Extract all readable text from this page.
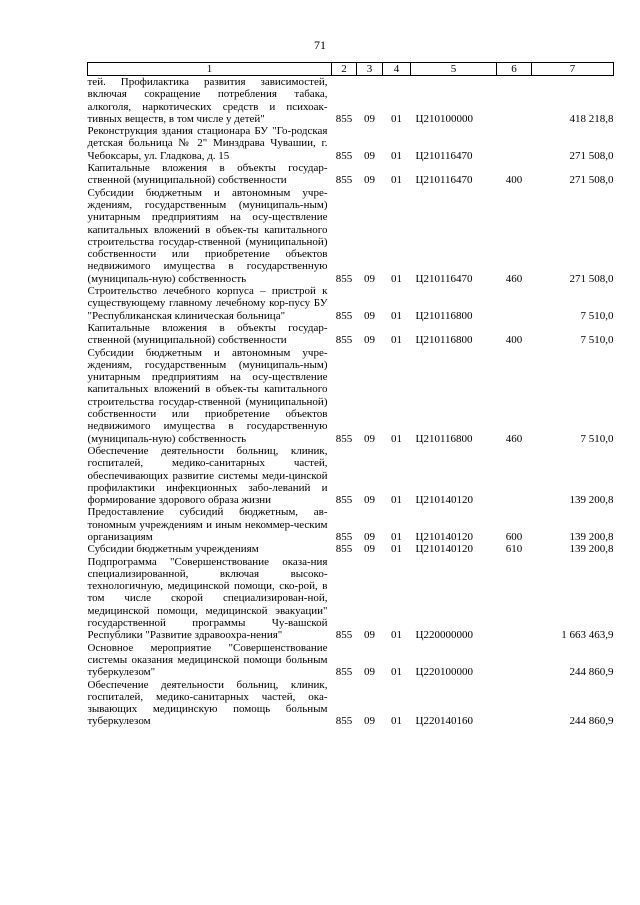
71
1	2	3	4	5	6	7
тей. Профилактика развития зависимостей, включая сокращение потребления табака, алкоголя, наркотических средств и психоак-тивных веществ, в том числе у детей"	855	09	01	Ц210100000		418 218,8
Реконструкция здания стационара БУ "Го-родская детская больница № 2" Минздрава Чувашии, г. Чебоксары, ул. Гладкова, д. 15	855	09	01	Ц210116470		271 508,0
Капитальные вложения в объекты государ-ственной (муниципальной) собственности	855	09	01	Ц210116470	400	271 508,0
Субсидии бюджетным и автономным учре-ждениям, государственным (муниципаль-ным) унитарным предприятиям на осу-ществление капитальных вложений в объек-ты капитального строительства государ-ственной (муниципальной) собственности или приобретение объектов недвижимого имущества в государственную (муниципаль-ную) собственность	855	09	01	Ц210116470	460	271 508,0
Строительство лечебного корпуса – пристрой к существующему главному лечебному кор-пусу БУ "Республиканская клиническая больница"	855	09	01	Ц210116800		7 510,0
Капитальные вложения в объекты государ-ственной (муниципальной) собственности	855	09	01	Ц210116800	400	7 510,0
Субсидии бюджетным и автономным учре-ждениям, государственным (муниципаль-ным) унитарным предприятиям на осу-ществление капитальных вложений в объек-ты капитального строительства государ-ственной (муниципальной) собственности или приобретение объектов недвижимого имущества в государственную (муниципаль-ную) собственность	855	09	01	Ц210116800	460	7 510,0
Обеспечение деятельности больниц, клиник, госпиталей, медико-санитарных частей, обеспечивающих развитие системы меди-цинской профилактики инфекционных забо-леваний и формирование здорового образа жизни	855	09	01	Ц210140120		139 200,8
Предоставление субсидий бюджетным, ав-тономным учреждениям и иным некоммер-ческим организациям	855	09	01	Ц210140120	600	139 200,8
Субсидии бюджетным учреждениям	855	09	01	Ц210140120	610	139 200,8
Подпрограмма "Совершенствование оказа-ния специализированной, включая высоко-технологичную, медицинской помощи, ско-рой, в том числе скорой специализирован-ной, медицинской помощи, медицинской эвакуации" государственной программы Чу-вашской Республики "Развитие здравоохра-нения"	855	09	01	Ц220000000		1 663 463,9
Основное мероприятие "Совершенствование системы оказания медицинской помощи больным туберкулезом"	855	09	01	Ц220100000		244 860,9
Обеспечение деятельности больниц, клиник, госпиталей, медико-санитарных частей, ока-зывающих медицинскую помощь больным туберкулезом	855	09	01	Ц220140160		244 860,9
